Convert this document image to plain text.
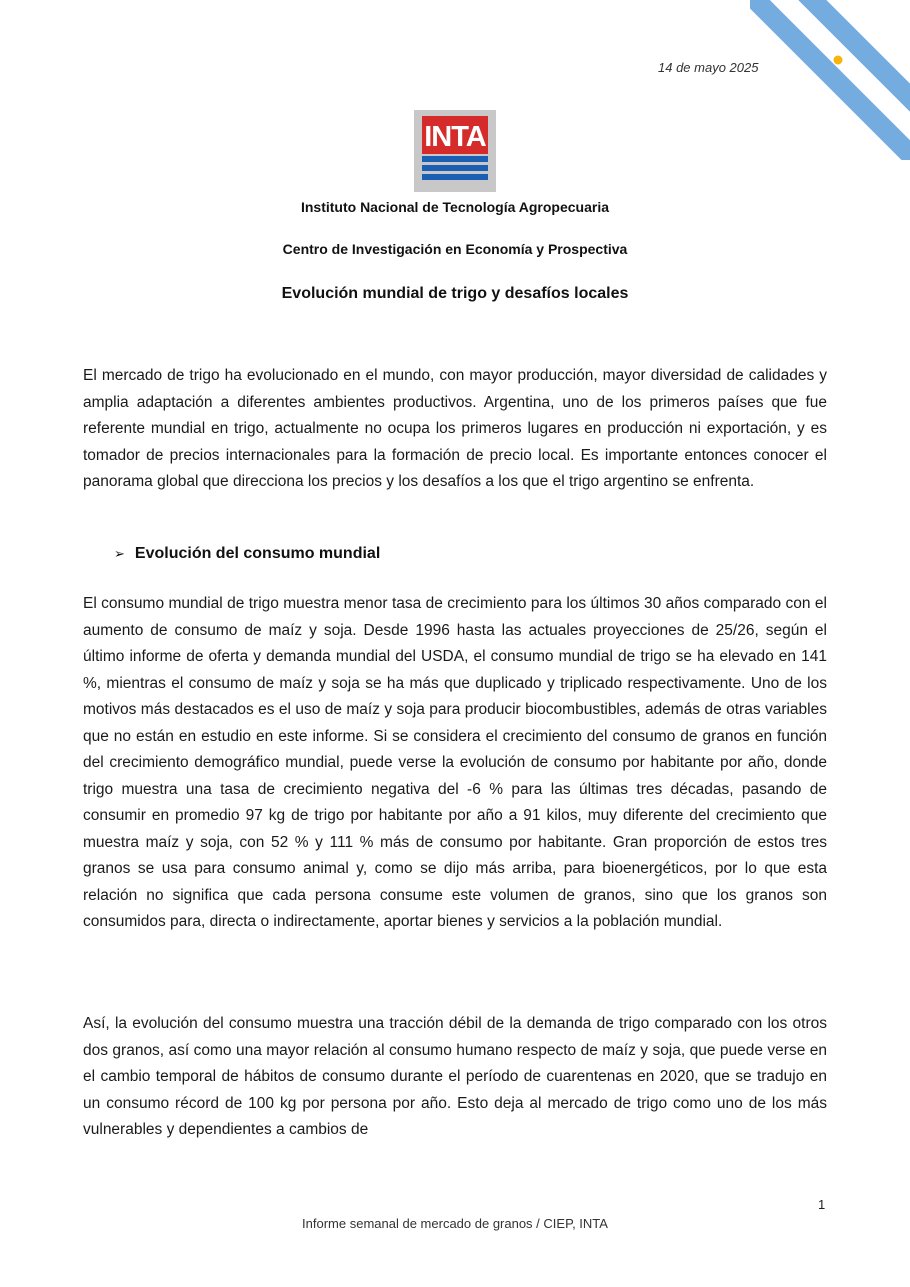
14 de mayo 2025
INTA
Instituto Nacional de Tecnología Agropecuaria
Centro de Investigación en Economía y Prospectiva
Evolución mundial de trigo y desafíos locales

El mercado de trigo ha evolucionado en el mundo, con mayor producción, mayor diversidad de calidades y amplia adaptación a diferentes ambientes productivos. Argentina, uno de los primeros países que fue referente mundial en trigo, actualmente no ocupa los primeros lugares en producción ni exportación, y es tomador de precios internacionales para la formación de precio local. Es importante entonces conocer el panorama global que direcciona los precios y los desafíos a los que el trigo argentino se enfrenta.

➢ Evolución del consumo mundial

El consumo mundial de trigo muestra menor tasa de crecimiento para los últimos 30 años comparado con el aumento de consumo de maíz y soja. Desde 1996 hasta las actuales proyecciones de 25/26, según el último informe de oferta y demanda mundial del USDA, el consumo mundial de trigo se ha elevado en 141 %, mientras el consumo de maíz y soja se ha más que duplicado y triplicado respectivamente. Uno de los motivos más destacados es el uso de maíz y soja para producir biocombustibles, además de otras variables que no están en estudio en este informe. Si se considera el crecimiento del consumo de granos en función del crecimiento demográfico mundial, puede verse la evolución de consumo por habitante por año, donde trigo muestra una tasa de crecimiento negativa del -6 % para las últimas tres décadas, pasando de consumir en promedio 97 kg de trigo por habitante por año a 91 kilos, muy diferente del crecimiento que muestra maíz y soja, con 52 % y 111 % más de consumo por habitante. Gran proporción de estos tres granos se usa para consumo animal y, como se dijo más arriba, para bioenergéticos, por lo que esta relación no significa que cada persona consume este volumen de granos, sino que los granos son consumidos para, directa o indirectamente, aportar bienes y servicios a la población mundial.

Así, la evolución del consumo muestra una tracción débil de la demanda de trigo comparado con los otros dos granos, así como una mayor relación al consumo humano respecto de maíz y soja, que puede verse en el cambio temporal de hábitos de consumo durante el período de cuarentenas en 2020, que se tradujo en un consumo récord de 100 kg por persona por año. Esto deja al mercado de trigo como uno de los más vulnerables y dependientes a cambios de

1
Informe semanal de mercado de granos / CIEP, INTA
